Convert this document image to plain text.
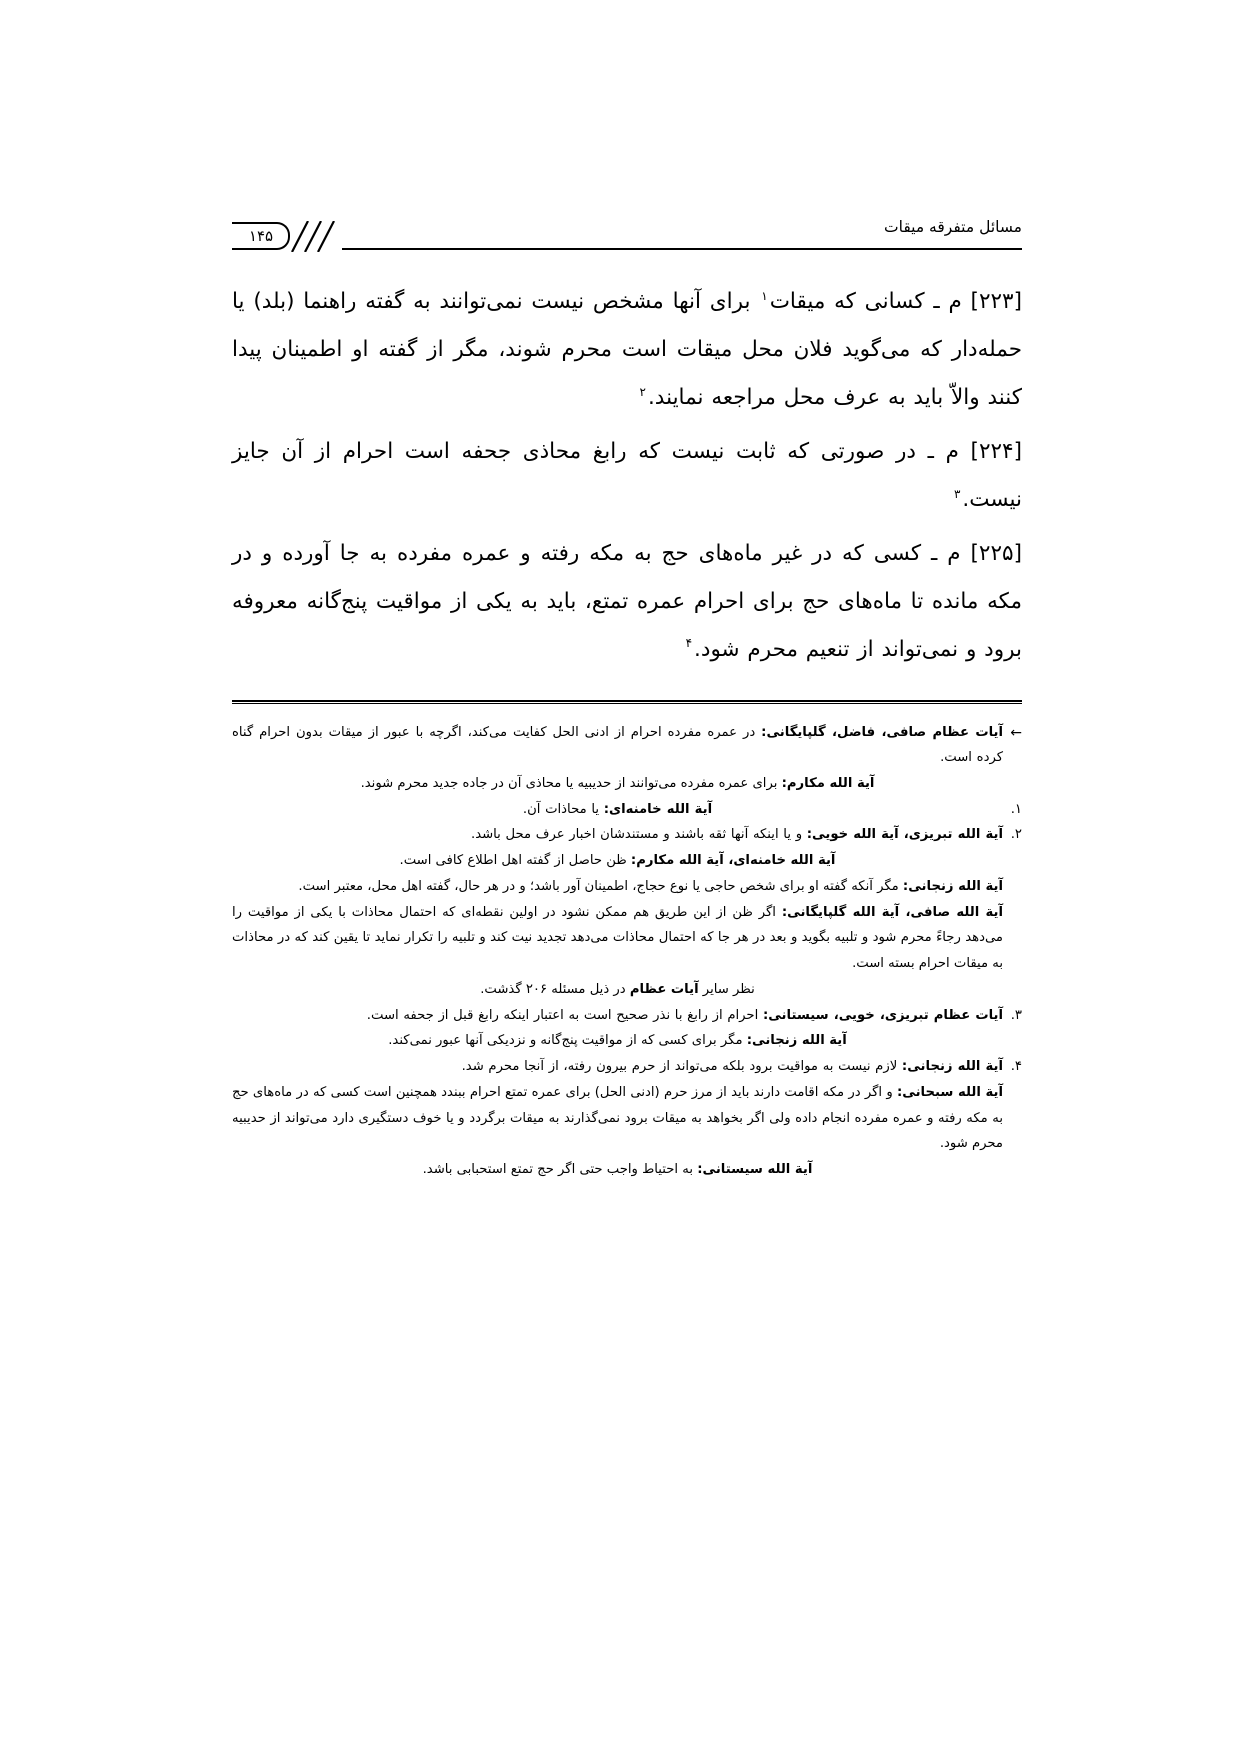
مسائل متفرقه میقات
۱۴۵

[۲۲۳] م ـ کسانی که میقات$^۱$ برای آنها مشخص نیست نمی‌توانند به گفته راهنما (بلد) یا حمله‌دار که می‌گوید فلان محل میقات است محرم شوند، مگر از گفته او اطمینان پیدا کنند والاّ باید به عرف محل مراجعه نمایند.$^۲$

[۲۲۴] م ـ در صورتی که ثابت نیست که رابغ محاذی جحفه است احرام از آن جایز نیست.$^۳$

[۲۲۵] م ـ کسی که در غیر ماه‌های حج به مکه رفته و عمره مفرده به جا آورده و در مکه مانده تا ماه‌های حج برای احرام عمره تمتع، باید به یکی از مواقیت پنج‌گانه معروفه برود و نمی‌تواند از تنعیم محرم شود.$^۴$

←
آیات عظام صافی، فاضل، گلپایگانی: در عمره مفرده احرام از ادنی الحل کفایت می‌کند، اگرچه با عبور از میقات بدون احرام گناه کرده است.
آیة الله مکارم: برای عمره مفرده می‌توانند از حدیبیه یا محاذی آن در جاده جدید محرم شوند.
۱.
آیة الله خامنه‌ای: یا محاذات آن.
۲.
آیة الله تبریزی، آیة الله خویی: و یا اینکه آنها ثقه باشند و مستندشان اخبار عرف محل باشد.
آیة الله خامنه‌ای، آیة الله مکارم: ظن حاصل از گفته اهل اطلاع کافی است.
آیة الله زنجانی: مگر آنکه گفته او برای شخص حاجی یا نوع حجاج، اطمینان آور باشد؛ و در هر حال، گفته اهل محل، معتبر است.
آیة الله صافی، آیة الله گلپایگانی: اگر ظن از این طریق هم ممکن نشود در اولین نقطه‌ای که احتمال محاذات با یکی از مواقیت را می‌دهد رجاءً محرم شود و تلبیه بگوید و بعد در هر جا که احتمال محاذات می‌دهد تجدید نیت کند و تلبیه را تکرار نماید تا یقین کند که در محاذات به میقات احرام بسته است.
نظر سایر آیات عظام در ذیل مسئله ۲۰۶ گذشت.
۳.
آیات عظام تبریزی، خویی، سیستانی: احرام از رابغ با نذر صحیح است به اعتبار اینکه رابغ قبل از جحفه است.
آیة الله زنجانی: مگر برای کسی که از مواقیت پنج‌گانه و نزدیکی آنها عبور نمی‌کند.
۴.
آیة الله زنجانی: لازم نیست به مواقیت برود بلکه می‌تواند از حرم بیرون رفته، از آنجا محرم شد.
آیة الله سبحانی: و اگر در مکه اقامت دارند باید از مرز حرم (ادنی الحل) برای عمره تمتع احرام ببندد همچنین است کسی که در ماه‌های حج به مکه رفته و عمره مفرده انجام داده ولی اگر بخواهد به میقات برود نمی‌گذارند به میقات برگردد و یا خوف دستگیری دارد می‌تواند از حدیبیه محرم شود.
آیة الله سیستانی: به احتیاط واجب حتی اگر حج تمتع استحبابی باشد.
